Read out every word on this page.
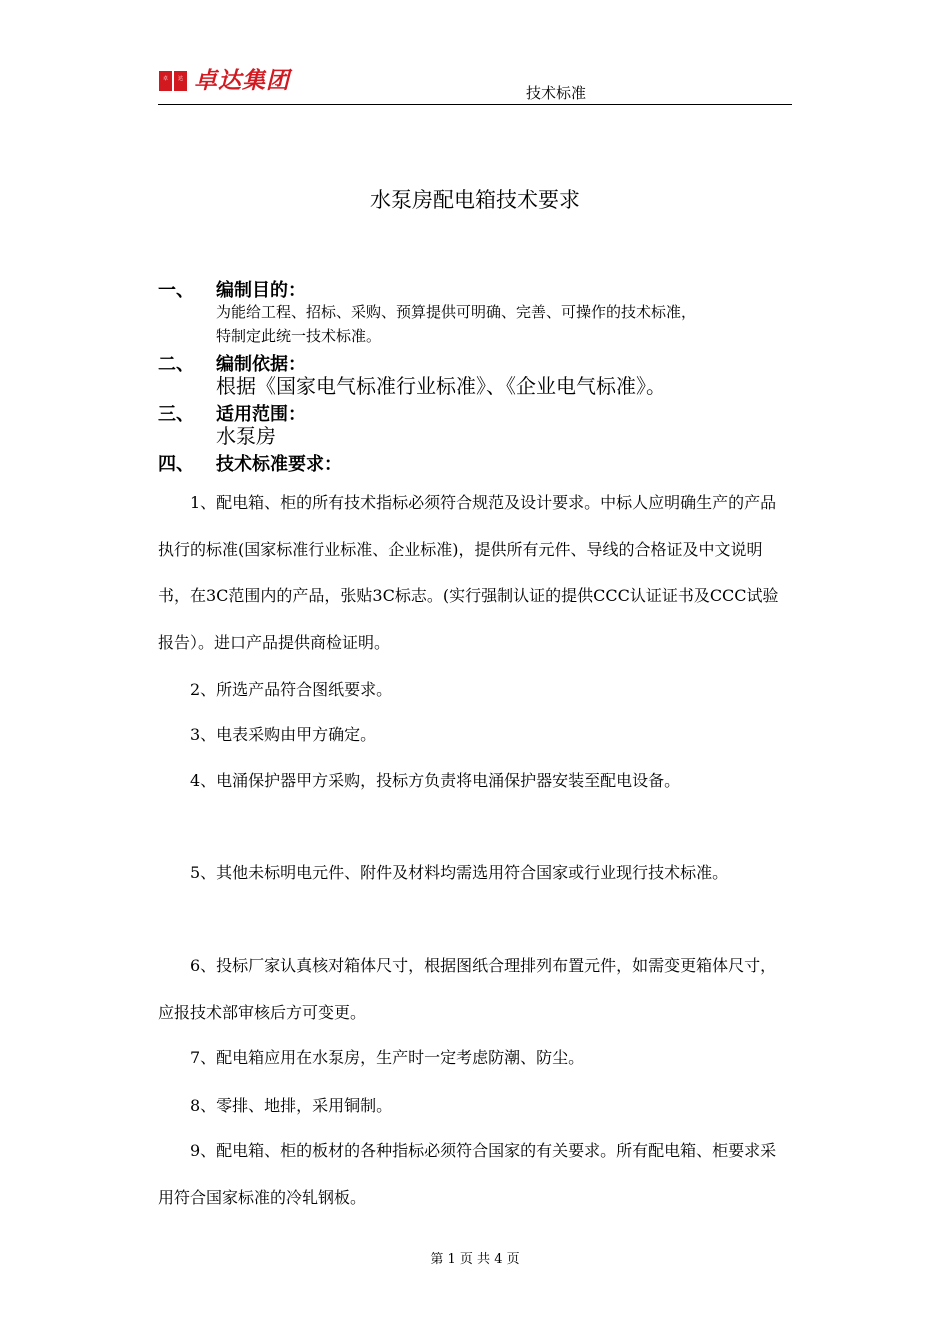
卓 达 卓达集团	技术标准
水泵房配电箱技术要求
一、	编制目的：
为能给工程、招标、采购、预算提供可明确、完善、可操作的技术标准，
特制定此统一技术标准。
二、	编制依据：
根据《国家电气标准行业标准》、《企业电气标准》。
三、	适用范围：
水泵房
四、	技术标准要求：
1、配电箱、柜的所有技术指标必须符合规范及设计要求。中标人应明确生产的产品执行的标准(国家标准行业标准、企业标准)，提供所有元件、导线的合格证及中文说明书，在3C范围内的产品，张贴3C标志。(实行强制认证的提供CCC认证证书及CCC试验报告）。进口产品提供商检证明。
2、所选产品符合图纸要求。
3、电表采购由甲方确定。
4、电涌保护器甲方采购，投标方负责将电涌保护器安装至配电设备。
5、其他未标明电元件、附件及材料均需选用符合国家或行业现行技术标准。
6、投标厂家认真核对箱体尺寸，根据图纸合理排列布置元件，如需变更箱体尺寸，应报技术部审核后方可变更。
7、配电箱应用在水泵房，生产时一定考虑防潮、防尘。
8、零排、地排，采用铜制。
9、配电箱、柜的板材的各种指标必须符合国家的有关要求。所有配电箱、柜要求采用符合国家标准的冷轧钢板。
第 1 页 共 4 页
